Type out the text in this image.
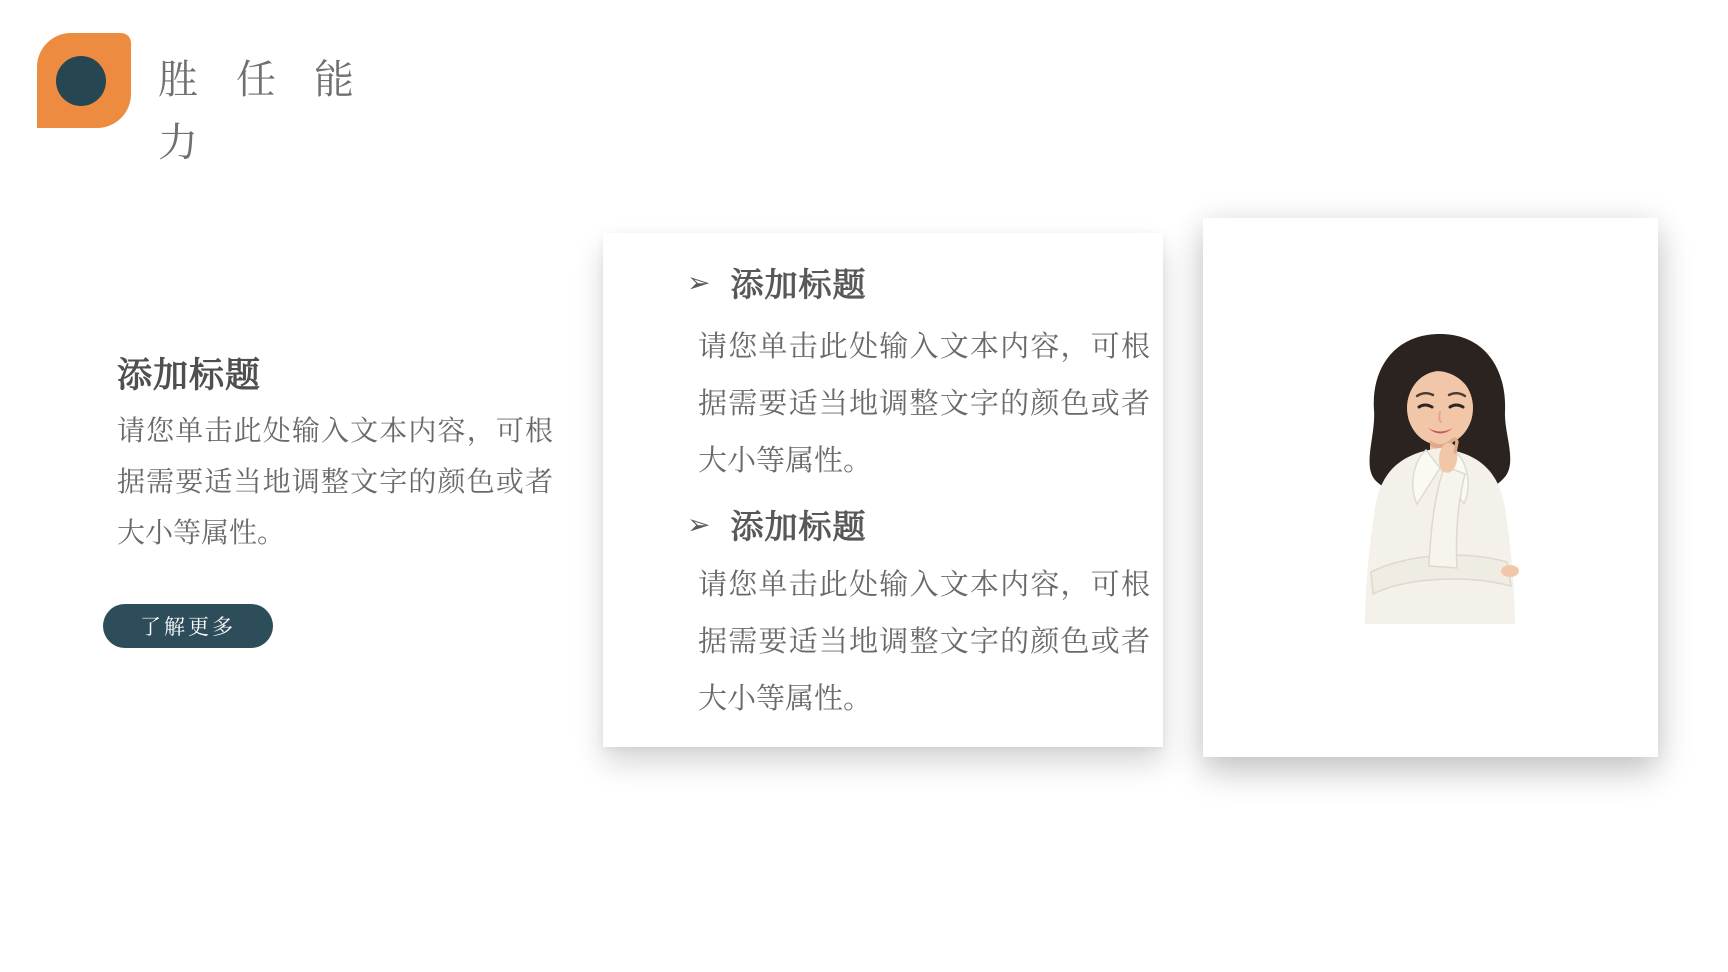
胜任能力
添加标题
请您单击此处输入文本内容，可根据需要适当地调整文字的颜色或者大小等属性。
了解更多
➢ 添加标题
请您单击此处输入文本内容，可根据需要适当地调整文字的颜色或者大小等属性。
➢ 添加标题
请您单击此处输入文本内容，可根据需要适当地调整文字的颜色或者大小等属性。
